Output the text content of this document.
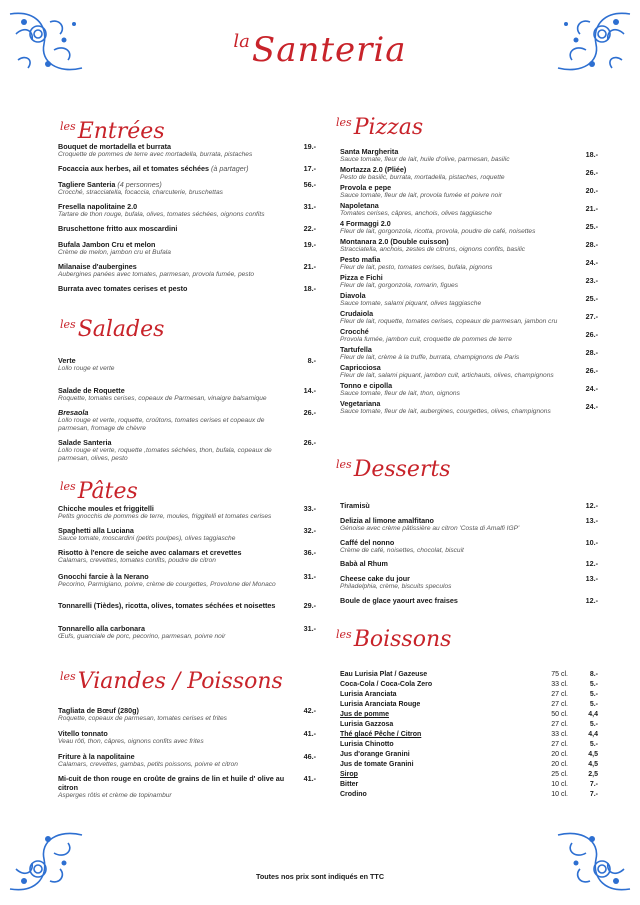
laSanteria
$^{les}$Entrées
Bouquet de mortadella et burrata
Croquette de pommes de terre avec mortadella, burrata, pistaches
19.-
Focaccia aux herbes, ail et tomates séchées (à partager)	17.-
Tagliere Santeria (4 personnes)
Crocché, stracciatella, focaccia, charcuterie, bruschettas
56.-
Fresella napolitaine 2.0
Tartare de thon rouge, bufala, olives, tomates séchées, oignons confits
31.-
Bruschettone fritto aux moscardini	22.-
Bufala Jambon Cru et melon
Crème de melon, jambon cru et Bufala
19.-
Milanaise d'aubergines
Aubergines panées avec tomates, parmesan, provola fumée, pesto
21.-
Burrata avec tomates cerises et pesto	18.-
$^{les}$Salades
Verte
Lollo rouge et verte
8.-
Salade de Roquette
Roquette, tomates cerises, copeaux de Parmesan, vinaigre balsamique
14.-
Bresaola
Lollo rouge et verte, roquette, croûtons, tomates cerises et copeaux de parmesan, fromage de chèvre
26.-
Salade Santeria
Lollo rouge et verte, roquette ,tomates séchées, thon, bufala, copeaux de parmesan, olives, pesto
26.-
$^{les}$Pâtes
Chicche moules et friggitelli
Petits gnocchis de pommes de terre, moules, friggitelli et tomates cerises
33.-
Spaghetti alla Luciana
Sauce tomate, moscardini (petits poulpes), olives taggiasche
32.-
Risotto à l'encre de seiche avec calamars et crevettes
Calamars, crevettes, tomates confits, poudre de citron
36.-
Gnocchi farcie à la Nerano
Pecorino, Parmigiano, poivre, crème de courgettes, Provolone del Monaco
31.-
Tonnarelli (Tièdes), ricotta, olives, tomates séchées et noisettes	29.-
Tonnarello alla carbonara
Œufs, guanciale de porc, pecorino, parmesan, poivre noir
31.-
$^{les}$Viandes / Poissons
Tagliata de Bœuf (280g)
Roquette, copeaux de parmesan, tomates cerises et frites
42.-
Vitello tonnato
Veau rôti, thon, câpres, oignons confits avec frites
41.-
Friture à la napolitaine
Calamars, crevettes, gambas, petits poissons, poivre et citron
46.-
Mi-cuit de thon rouge en croûte de grains de lin et huile d' olive au citron
Asperges rôtis et crème de topinambur
41.-
$^{les}$Pizzas
Santa Margherita
Sauce tomate, fleur de lait, huile d'olive, parmesan, basilic
18.-
Mortazza 2.0 (Pliée)
Pesto de basilic, burrata, mortadella, pistaches, roquette
26.-
Provola e pepe
Sauce tomate, fleur de lait, provola fumée et poivre noir
20.-
Napoletana
Tomates cerises, câpres, anchois, olives taggiasche
21.-
4 Formaggi 2.0
Fleur de lait, gorgonzola, ricotta, provola, poudre de café, noisettes
25.-
Montanara 2.0 (Double cuisson)
Stracciatella, anchois, zestes de citrons, oignons confits, basilic
28.-
Pesto mafia
Fleur de lait, pesto, tomates cerises, bufala, pignons
24.-
Pizza e Fichi
Fleur de lait, gorgonzola, romarin, figues
23.-
Diavola
Sauce tomate, salami piquant, olives taggiasche
25.-
Crudaiola
Fleur de lait, roquette, tomates cerises, copeaux de parmesan, jambon cru
27.-
Crocché
Provola fumée, jambon cuit, croquette de pommes de terre
26.-
Tartufella
Fleur de lait, crème à la truffe, burrata, champignons de Paris
28.-
Capricciosa
Fleur de lait, salami piquant, jambon cuit, artichauts, olives, champignons
26.-
Tonno e cipolla
Sauce tomate, fleur de lait, thon, oignons
24.-
Vegetariana
Sauce tomate, fleur de lait, aubergines, courgettes, olives, champignons
24.-
$^{les}$Desserts
Tiramisù	12.-
Delizia al limone amalfitano
Génoise avec crème pâtissière au citron 'Costa di Amalfi IGP'
13.-
Caffé del nonno
Crème de café, noisettes, chocolat, biscuit
10.-
Babà al Rhum	12.-
Cheese cake du jour
Philadelphia, crème, biscuits speculos
13.-
Boule de glace yaourt avec fraises	12.-
$^{les}$Boissons
Eau Lurisia Plat / Gazeuse	75 cl.	8.-
Coca-Cola / Coca-Cola Zero	33 cl.	5.-
Lurisia Aranciata	27 cl.	5.-
Lurisia Aranciata Rouge	27 cl.	5.-
Jus de pomme	50 cl.	4,4
Lurisia Gazzosa	27 cl.	5.-
Thé glacé Pêche / Citron	33 cl.	4,4
Lurisia Chinotto	27 cl.	5.-
Jus d'orange Granini	20 cl.	4,5
Jus de tomate Granini	20 cl.	4,5
Sirop	25 cl.	2,5
Bitter	10 cl.	7.-
Crodino	10 cl.	7.-
Toutes nos prix sont indiqués en TTC
